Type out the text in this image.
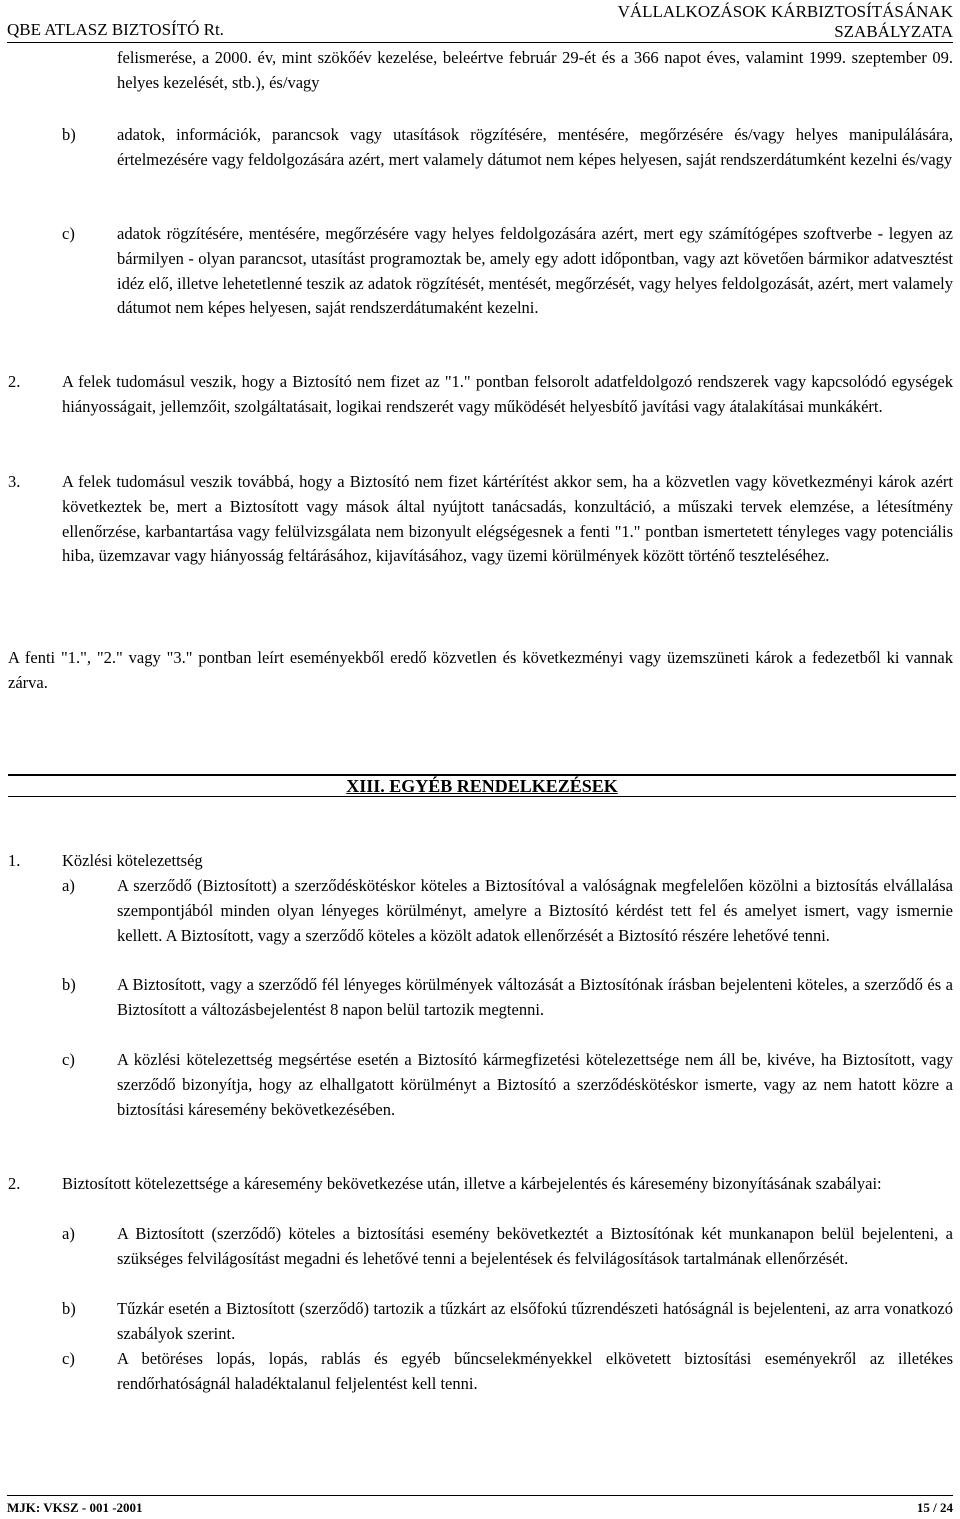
QBE ATLASZ BIZTOSÍTÓ Rt.
VÁLLALKOZÁSOK KÁRBIZTOSÍTÁSÁNAK
SZABÁLYZATA

felismerése, a 2000. év, mint szökőév kezelése, beleértve február 29-ét és a 366 napot éves, valamint 1999. szeptember 09. helyes kezelését, stb.), és/vagy

b)	adatok, információk, parancsok vagy utasítások rögzítésére, mentésére, megőrzésére és/vagy helyes manipulálására, értelmezésére vagy feldolgozására azért, mert valamely dátumot nem képes helyesen, saját rendszerdátumként kezelni és/vagy

c)	adatok rögzítésére, mentésére, megőrzésére vagy helyes feldolgozására azért, mert egy számítógépes szoftverbe - legyen az bármilyen - olyan parancsot, utasítást programoztak be, amely egy adott időpontban, vagy azt követően bármikor adatvesztést idéz elő, illetve lehetetlenné teszik az adatok rögzítését, mentését, megőrzését, vagy helyes feldolgozását, azért, mert valamely dátumot nem képes helyesen, saját rendszerdátumaként kezelni.

2.	A felek tudomásul veszik, hogy a Biztosító nem fizet az "1." pontban felsorolt adatfeldolgozó rendszerek vagy kapcsolódó egységek hiányosságait, jellemzőit, szolgáltatásait, logikai rendszerét vagy működését helyesbítő javítási vagy átalakításai munkákért.

3.	A felek tudomásul veszik továbbá, hogy a Biztosító nem fizet kártérítést akkor sem, ha a közvetlen vagy következményi károk azért következtek be, mert a Biztosított vagy mások által nyújtott tanácsadás, konzultáció, a műszaki tervek elemzése, a létesítmény ellenőrzése, karbantartása vagy felülvizsgálata nem bizonyult elégségesnek a fenti "1." pontban ismertetett tényleges vagy potenciális hiba, üzemzavar vagy hiányosság feltárásához, kijavításához, vagy üzemi körülmények között történő teszteléséhez.

A fenti "1.", "2." vagy "3." pontban leírt eseményekből eredő közvetlen és következményi vagy üzemszüneti károk a fedezetből ki vannak zárva.

XIII. EGYÉB RENDELKEZÉSEK

1.	Közlési kötelezettség

a)	A szerződő (Biztosított) a szerződéskötéskor köteles a Biztosítóval a valóságnak megfelelően közölni a biztosítás elvállalása szempontjából minden olyan lényeges körülményt, amelyre a Biztosító kérdést tett fel és amelyet ismert, vagy ismernie kellett. A Biztosított, vagy a szerződő köteles a közölt adatok ellenőrzését a Biztosító részére lehetővé tenni.

b)	A Biztosított, vagy a szerződő fél lényeges körülmények változását a Biztosítónak írásban bejelenteni köteles, a szerződő és a Biztosított a változásbejelentést 8 napon belül tartozik megtenni.

c)	A közlési kötelezettség megsértése esetén a Biztosító kármegfizetési kötelezettsége nem áll be, kivéve, ha Biztosított, vagy szerződő bizonyítja, hogy az elhallgatott körülményt a Biztosító a szerződéskötéskor ismerte, vagy az nem hatott közre a biztosítási káresemény bekövetkezésében.

2.	Biztosított kötelezettsége a káresemény bekövetkezése után, illetve a kárbejelentés és káresemény bizonyításának szabályai:

a)	A Biztosított (szerződő) köteles a biztosítási esemény bekövetkeztét a Biztosítónak két munkanapon belül bejelenteni, a szükséges felvilágosítást megadni és lehetővé tenni a bejelentések és felvilágosítások tartalmának ellenőrzését.

b)	Tűzkár esetén a Biztosított (szerződő) tartozik a tűzkárt az elsőfokú tűzrendészeti hatóságnál is bejelenteni, az arra vonatkozó szabályok szerint.

c)	A betöréses lopás, lopás, rablás és egyéb bűncselekményekkel elkövetett biztosítási eseményekről az illetékes rendőrhatóságnál haladéktalanul feljelentést kell tenni.

MJK: VKSZ - 001 -2001	15 / 24
